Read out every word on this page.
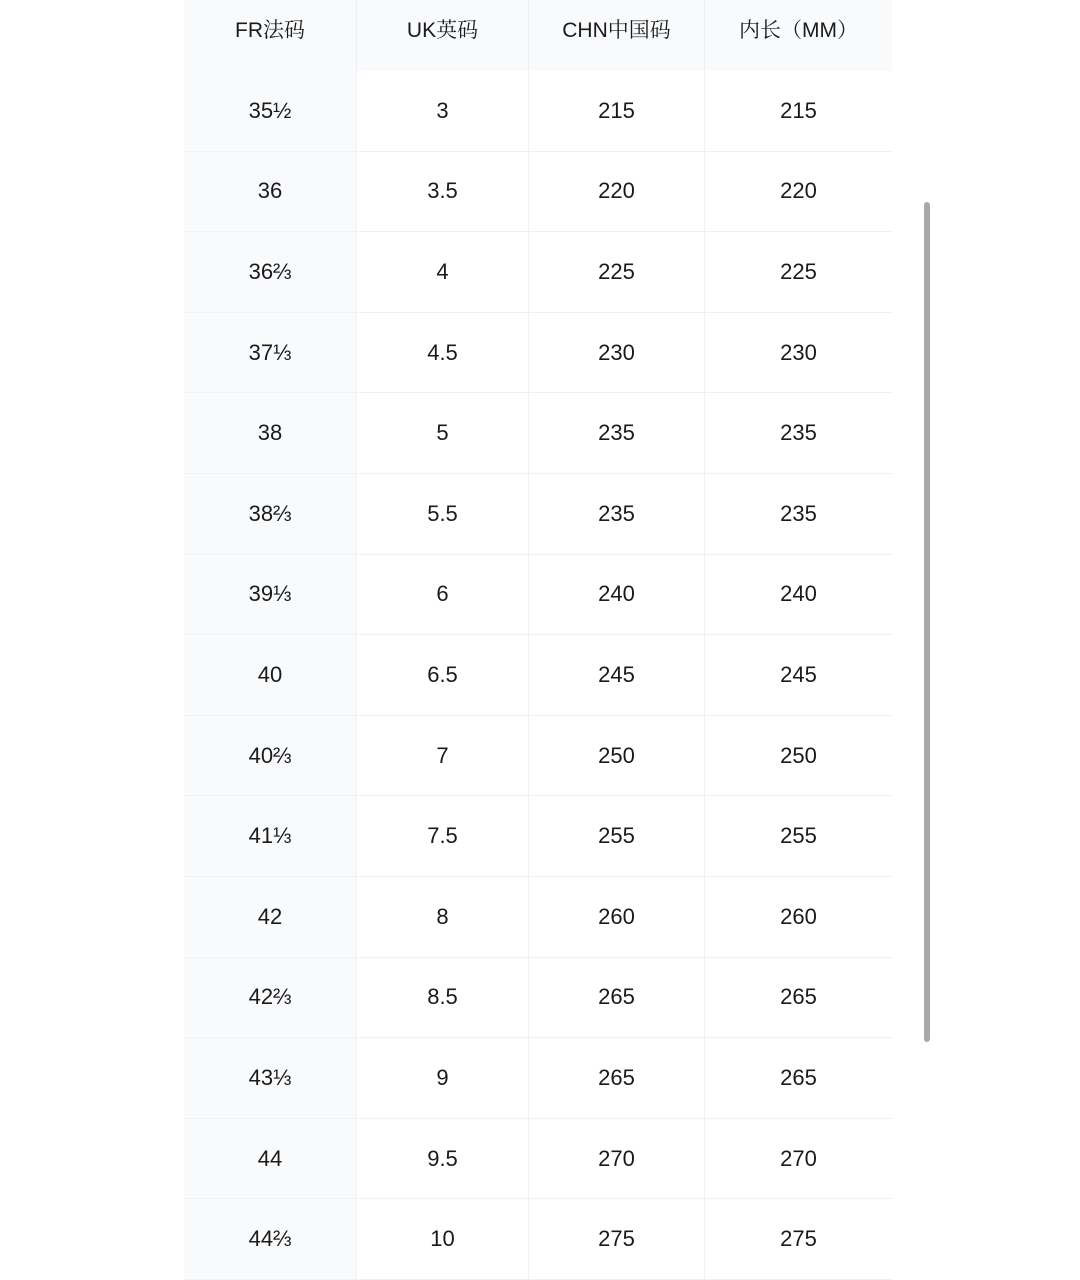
FR法码	UK英码	CHN中国码	内长（MM）
35½	3	215	215
36	3.5	220	220
36⅔	4	225	225
37⅓	4.5	230	230
38	5	235	235
38⅔	5.5	235	235
39⅓	6	240	240
40	6.5	245	245
40⅔	7	250	250
41⅓	7.5	255	255
42	8	260	260
42⅔	8.5	265	265
43⅓	9	265	265
44	9.5	270	270
44⅔	10	275	275
